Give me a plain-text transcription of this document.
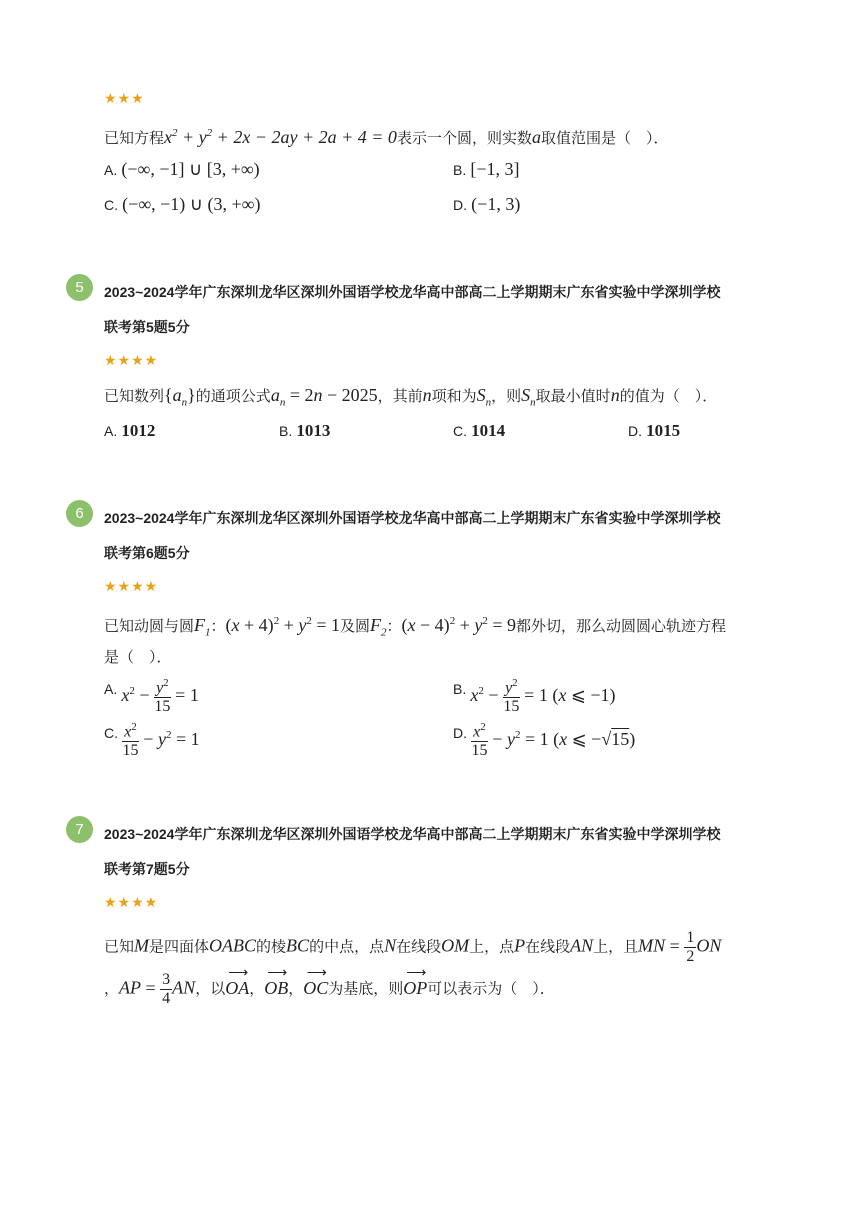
★★★
已知方程$x^2 + y^2 + 2x - 2ay + 2a + 4 = 0$表示一个圆，则实数a取值范围是（　）．
A. (−∞, −1] ∪ [3, +∞)	B. [−1, 3]
C. (−∞, −1) ∪ (3, +∞)	D. (−1, 3)
5	2023~2024学年广东深圳龙华区深圳外国语学校龙华高中部高二上学期期末广东省实验中学深圳学校
联考第5题5分
★★★★
已知数列$\{a_n\}$的通项公式$a_n = 2n - 2025$，其前n项和为$S_n$，则$S_n$取最小值时n的值为（　）．
A. 1012	B. 1013	C. 1014	D. 1015
6	2023~2024学年广东深圳龙华区深圳外国语学校龙华高中部高二上学期期末广东省实验中学深圳学校
联考第6题5分
★★★★
已知动圆与圆$F_1$：$(x + 4)^2 + y^2 = 1$及圆$F_2$：$(x - 4)^2 + y^2 = 9$都外切，那么动圆圆心轨迹方程
是（　）．
A. $x^2 - \frac{y^2}{15} = 1$	B. $x^2 - \frac{y^2}{15} = 1$ (x ⩽ −1)
C. $\frac{x^2}{15} - y^2 = 1$	D. $\frac{x^2}{15} - y^2 = 1$ (x ⩽ −√15)
7	2023~2024学年广东深圳龙华区深圳外国语学校龙华高中部高二上学期期末广东省实验中学深圳学校
联考第7题5分
★★★★
已知M是四面体OABC的棱BC的中点，点N在线段OM上，点P在线段AN上，且MN = $\frac{1}{2}$ ON
，AP = $\frac{3}{4}$ AN，以⟶ OA，⟶ OB，⟶ OC为基底，则⟶ OP可以表示为（　）．
